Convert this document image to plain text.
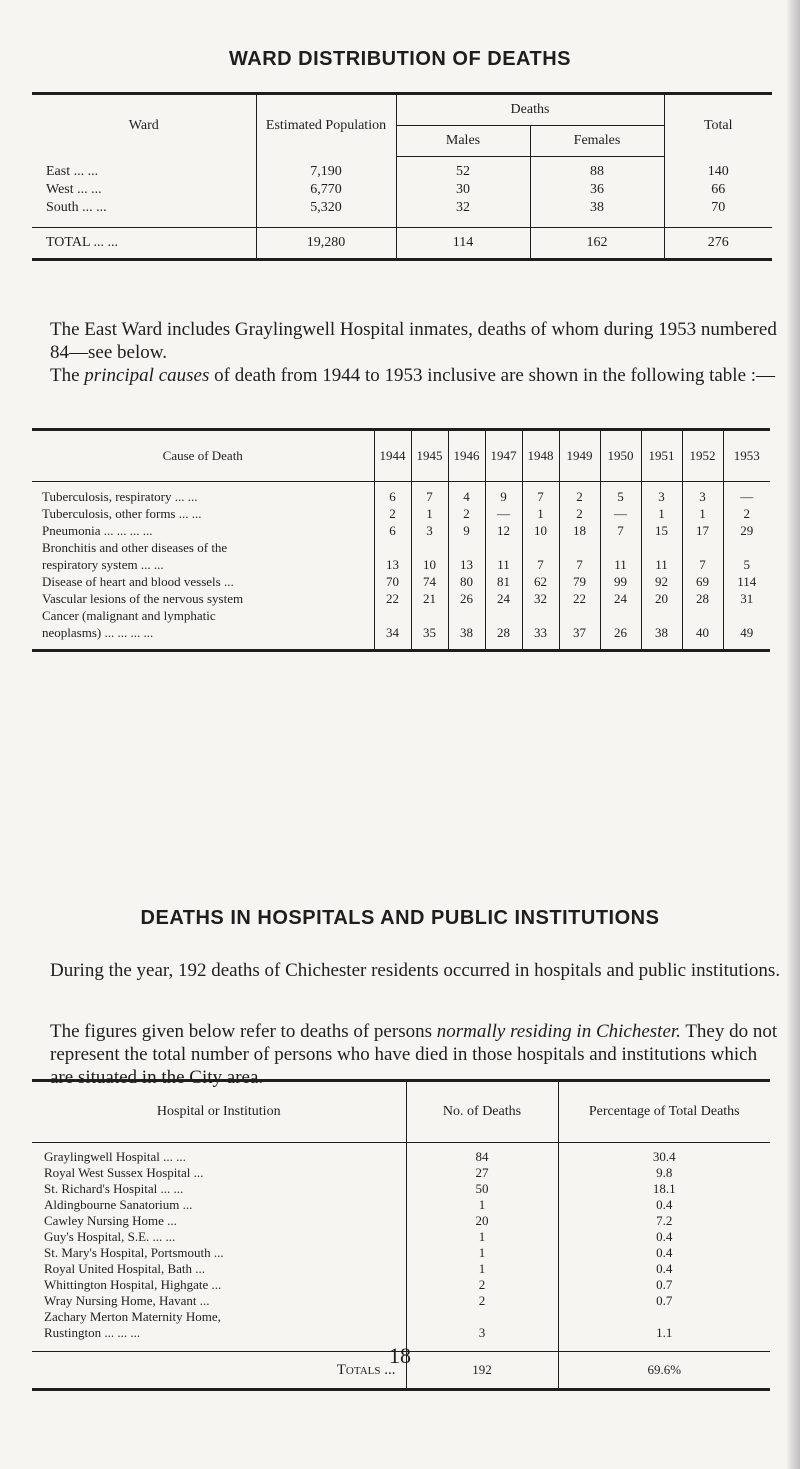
WARD DISTRIBUTION OF DEATHS
Ward	Estimated Population	Deaths		Total
		Males	Females	
East ... ...	7,190	52	88	140
West ... ...	6,770	30	36	66
South ... ...	5,320	32	38	70
TOTAL ... ...	19,280	114	162	276

The East Ward includes Graylingwell Hospital inmates, deaths of whom during 1953 numbered 84—see below.

The principal causes of death from 1944 to 1953 inclusive are shown in the following table :—

Cause of Death	1944	1945	1946	1947	1948	1949	1950	1951	1952	1953
Tuberculosis, respiratory ... ...	6	7	4	9	7	2	5	3	3	—
Tuberculosis, other forms ... ...	2	1	2	—	1	2	—	1	1	2
Pneumonia ... ... ... ...	6	3	9	12	10	18	7	15	17	29
Bronchitis and other diseases of the										
respiratory system ... ...	13	10	13	11	7	7	11	11	7	5
Disease of heart and blood vessels ...	70	74	80	81	62	79	99	92	69	114
Vascular lesions of the nervous system	22	21	26	24	32	22	24	20	28	31
Cancer (malignant and lymphatic										
neoplasms) ... ... ... ...	34	35	38	28	33	37	26	38	40	49
DEATHS IN HOSPITALS AND PUBLIC INSTITUTIONS

During the year, 192 deaths of Chichester residents occurred in hospitals and public institutions.

The figures given below refer to deaths of persons normally residing in Chichester. They do not represent the total number of persons who have died in those hospitals and institutions which are situated in the City area.

Hospital or Institution	No. of Deaths	Percentage of Total Deaths
Graylingwell Hospital ... ...	84	30.4
Royal West Sussex Hospital ...	27	9.8
St. Richard's Hospital ... ...	50	18.1
Aldingbourne Sanatorium ...	1	0.4
Cawley Nursing Home ...	20	7.2
Guy's Hospital, S.E. ... ...	1	0.4
St. Mary's Hospital, Portsmouth ...	1	0.4
Royal United Hospital, Bath ...	1	0.4
Whittington Hospital, Highgate ...	2	0.7
Wray Nursing Home, Havant ...	2	0.7
Zachary Merton Maternity Home,		
Rustington ... ... ...	3	1.1
Totals ...	192	69.6%
18
